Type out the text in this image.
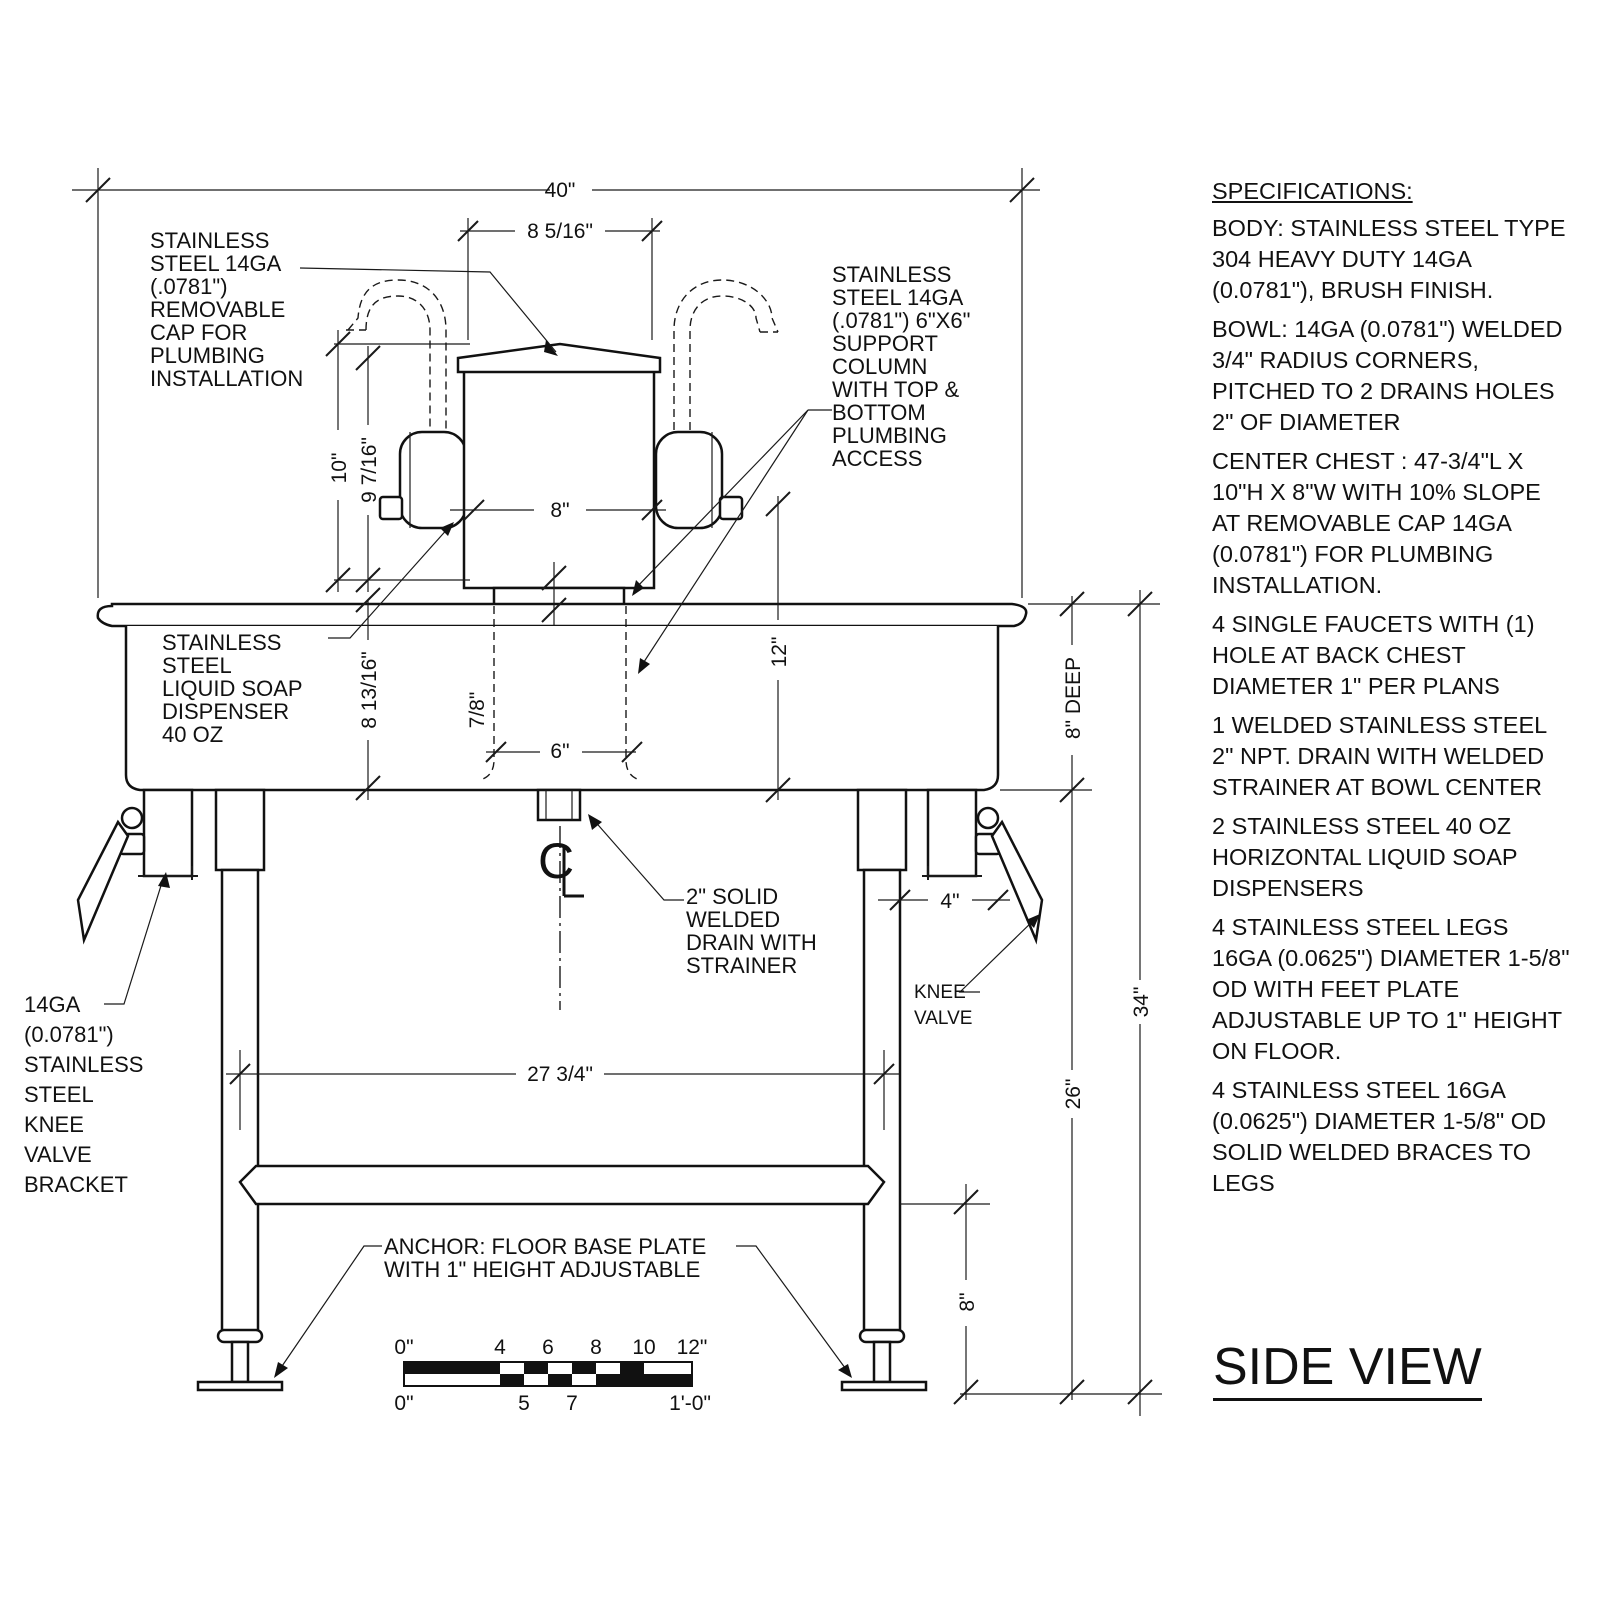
40"
8 5/16"
10" 9 7/16"
8"
12"
7/8"
6"
8 13/16"	8" DEEP
34"
26"
C
27 3/4"
8"
4"
STAINLESS STEEL 14GA (.0781") REMOVABLE CAP FOR PLUMBING INSTALLATION
STAINLESS STEEL 14GA (.0781") 6"X6" SUPPORT COLUMN WITH TOP & BOTTOM PLUMBING ACCESS
STAINLESS STEEL LIQUID SOAP DISPENSER 40 OZ
2" SOLID WELDED DRAIN WITH STRAINER
14GA (0.0781") STAINLESS STEEL KNEE VALVE BRACKET
KNEE VALVE
ANCHOR: FLOOR BASE PLATE WITH 1" HEIGHT ADJUSTABLE
0"	4 6 8 10 12"
0"	5 7	1'-0"
SPECIFICATIONS:
BODY: STAINLESS STEEL TYPE
304 HEAVY DUTY 14GA
(0.0781"), BRUSH FINISH.
BOWL: 14GA (0.0781") WELDED
3/4" RADIUS CORNERS,
PITCHED TO 2 DRAINS HOLES
2" OF DIAMETER
CENTER CHEST : 47-3/4"L X
10"H X 8"W WITH 10% SLOPE
AT REMOVABLE CAP 14GA
(0.0781") FOR PLUMBING
INSTALLATION.
4 SINGLE FAUCETS WITH (1)
HOLE AT BACK CHEST
DIAMETER 1" PER PLANS
1 WELDED STAINLESS STEEL
2" NPT. DRAIN WITH WELDED
STRAINER AT BOWL CENTER
2 STAINLESS STEEL 40 OZ
HORIZONTAL LIQUID SOAP
DISPENSERS
4 STAINLESS STEEL LEGS
16GA (0.0625") DIAMETER 1-5/8"
OD WITH FEET PLATE
ADJUSTABLE UP TO 1" HEIGHT
ON FLOOR.
4 STAINLESS STEEL 16GA
(0.0625") DIAMETER 1-5/8" OD
SOLID WELDED BRACES TO
LEGS
SIDE VIEW
